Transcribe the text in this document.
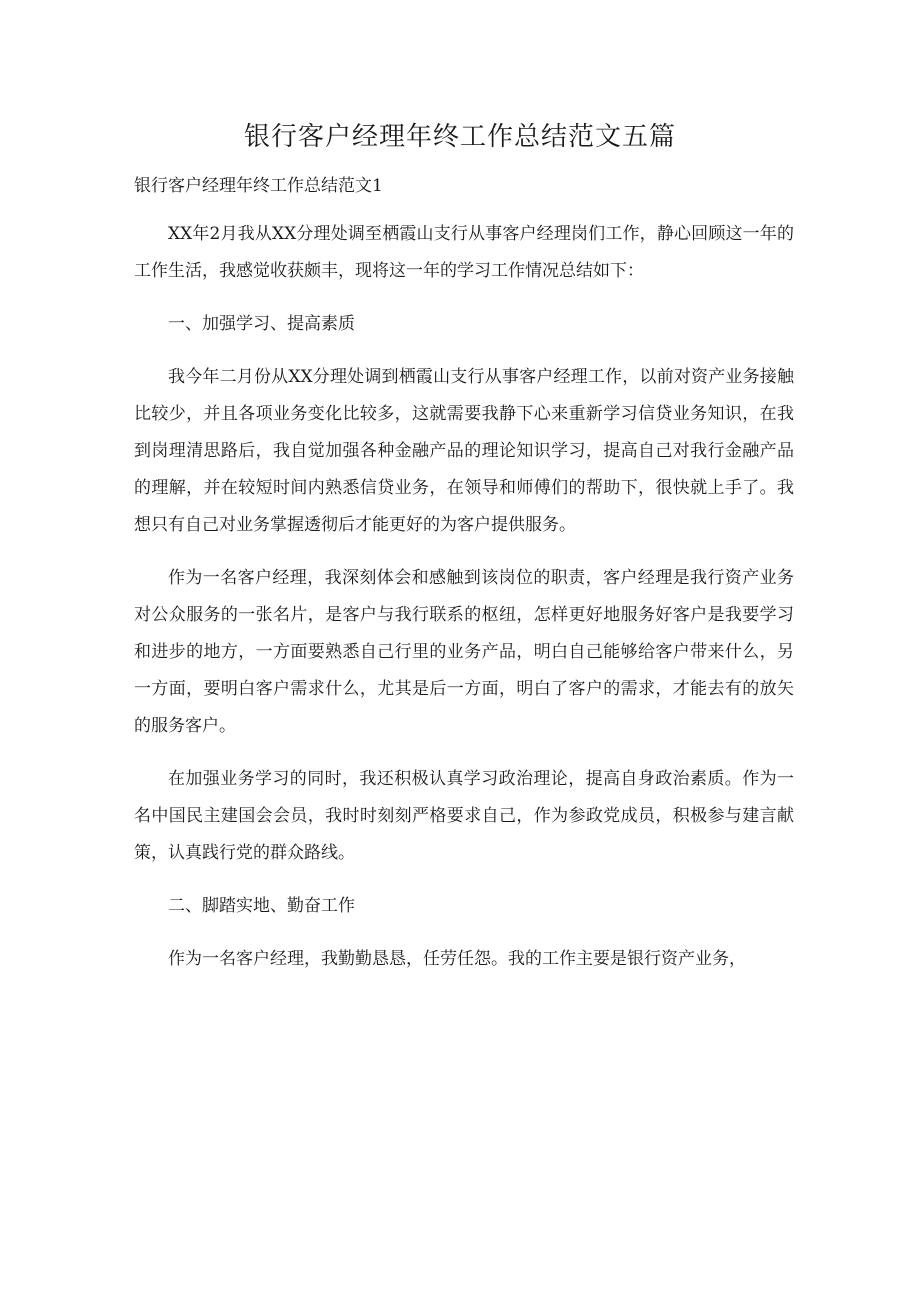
银行客户经理年终工作总结范文五篇

银行客户经理年终工作总结范文1

XX年2月我从XX分理处调至栖霞山支行从事客户经理岗们工作，静心回顾这一年的工作生活，我感觉收获颇丰，现将这一年的学习工作情况总结如下：

一、加强学习、提高素质

我今年二月份从XX分理处调到栖霞山支行从事客户经理工作，以前对资产业务接触比较少，并且各项业务变化比较多，这就需要我静下心来重新学习信贷业务知识，在我到岗理清思路后，我自觉加强各种金融产品的理论知识学习，提高自己对我行金融产品的理解，并在较短时间内熟悉信贷业务，在领导和师傅们的帮助下，很快就上手了。我想只有自己对业务掌握透彻后才能更好的为客户提供服务。

作为一名客户经理，我深刻体会和感触到该岗位的职责，客户经理是我行资产业务对公众服务的一张名片，是客户与我行联系的枢纽，怎样更好地服务好客户是我要学习和进步的地方，一方面要熟悉自己行里的业务产品，明白自己能够给客户带来什么，另一方面，要明白客户需求什么，尤其是后一方面，明白了客户的需求，才能去有的放矢的服务客户。

在加强业务学习的同时，我还积极认真学习政治理论，提高自身政治素质。作为一名中国民主建国会会员，我时时刻刻严格要求自己，作为参政党成员，积极参与建言献策，认真践行党的群众路线。

二、脚踏实地、勤奋工作

作为一名客户经理，我勤勤恳恳，任劳任怨。我的工作主要是银行资产业务，
